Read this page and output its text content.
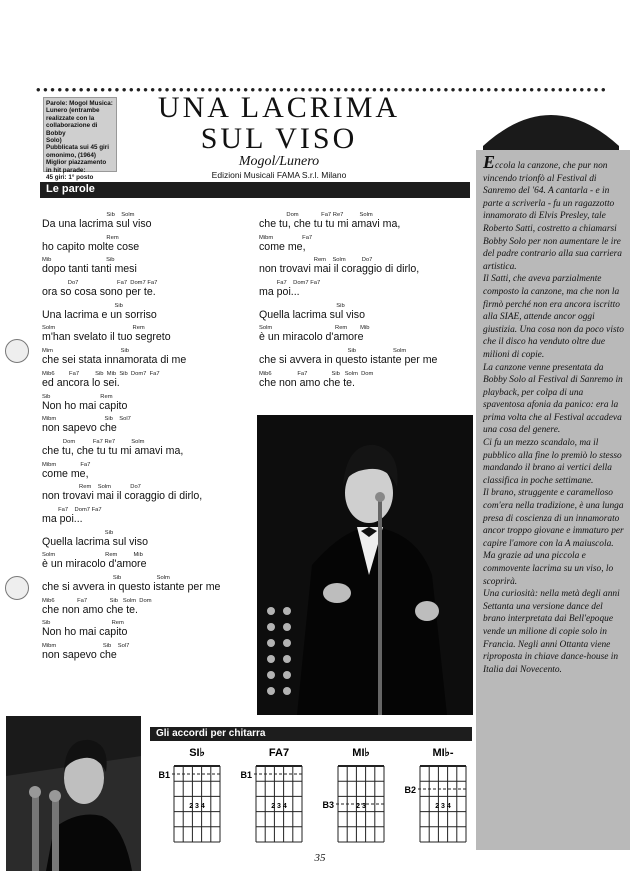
••••••••••••••••••••••••••••••••••••••••••••••••••••••••••••••••••••••••••••••••
Parole: Mogol Musica:
Lunero (entrambe
realizzate con la
collaborazione di Bobby
Solo)
Pubblicata sui 45 giri
omonimo, (1964)
Miglior piazzamento
in hit parade:
45 giri: 1° posto
UNA LACRIMA
SUL VISO
Mogol/Lunero
Edizioni Musicali FAMA S.r.l. Milano
La canzone
Le parole
Sib    Solm
Da una lacrima sul viso
Rem
ho capito molte cose
Mib                                  Sib
dopo tanti tanti mesi
Do7                        Fa7  Dom7 Fa7
ora so cosa sono per te.
Sib
Una lacrima e un sorriso
Solm                                                Rem
m'han svelato il tuo segreto
Mim                                          Sib
che sei stata innamorata di me
Mib6         Fa7          Sib  Mib  Sib  Dom7  Fa7
ed ancora lo sei.
Sib                               Rem
Non ho mai capito
Mibm                              Sib    Sol7
non sapevo che
Dom           Fa7 Re7          Solm
che tu, che tu tu mi amavi ma,
Mibm               Fa7
come me,
Rem    Solm            Do7
non trovavi mai il coraggio di dirlo,
Fa7    Dom7 Fa7
ma poi...
Sib
Quella lacrima sul viso
Solm                               Rem          Mib
è un miracolo d'amore
Sib                      Solm
che si avvera in questo istante per me
Mib6              Fa7              Sib   Solm  Dom
che non amo che te.
Sib                                      Rem
Non ho mai capito
Mibm                             Sib    Sol7
non sapevo che
Dom              Fa7 Re7          Solm
che tu, che tu tu mi amavi ma,
Mibm                  Fa7
come me,
Rem    Solm          Do7
non trovavi mai il coraggio di dirlo,
Fa7    Dom7 Fa7
ma poi...
Sib
Quella lacrima sul viso
Solm                                       Rem        Mib
è un miracolo d'amore
Sib                       Solm
che si avvera in questo istante per me
Mib6                Fa7               Sib   Solm  Dom
che non amo che te.

Eccola la canzone, che pur non vincendo trionfò al Festival di Sanremo del '64. A cantarla - e in parte a scriverla - fu un ragazzotto innamorato di Elvis Presley, tale Roberto Satti, costretto a chiamarsi Bobby Solo per non aumentare le ire del padre contrario alla sua carriera artistica.

Il Satti, che aveva parzialmente composto la canzone, ma che non la firmò perché non era ancora iscritto alla SIAE, attende ancor oggi giustizia. Una cosa non da poco visto che il disco ha venduto oltre due milioni di copie.

La canzone venne presentata da Bobby Solo al Festival di Sanremo in playback, per colpa di una spaventosa afonia da panico: era la prima volta che al Festival accadeva una cosa del genere.

Ci fu un mezzo scandalo, ma il pubblico alla fine lo premiò lo stesso mandando il brano ai vertici della classifica in poche settimane.

Il brano, struggente e caramelloso com'era nella tradizione, è una lunga presa di coscienza di un innamorato ancor troppo giovane e immaturo per capire l'amore con la A maiuscola.

Ma grazie ad una piccola e commovente lacrima su un viso, lo scoprirà.

Una curiosità: nella metà degli anni Settanta una versione dance del brano interpretata dai Bell'epoque vende un milione di copie solo in Francia. Negli anni Ottanta viene riproposta in chiave dance-house in Italia dai Novecento.

Gli accordi per chitarra
SI♭
B1
2 3 4
FA7
B1
2 3 4
MI♭
B3	2 3
MI♭-
B2
2 3 4
35
